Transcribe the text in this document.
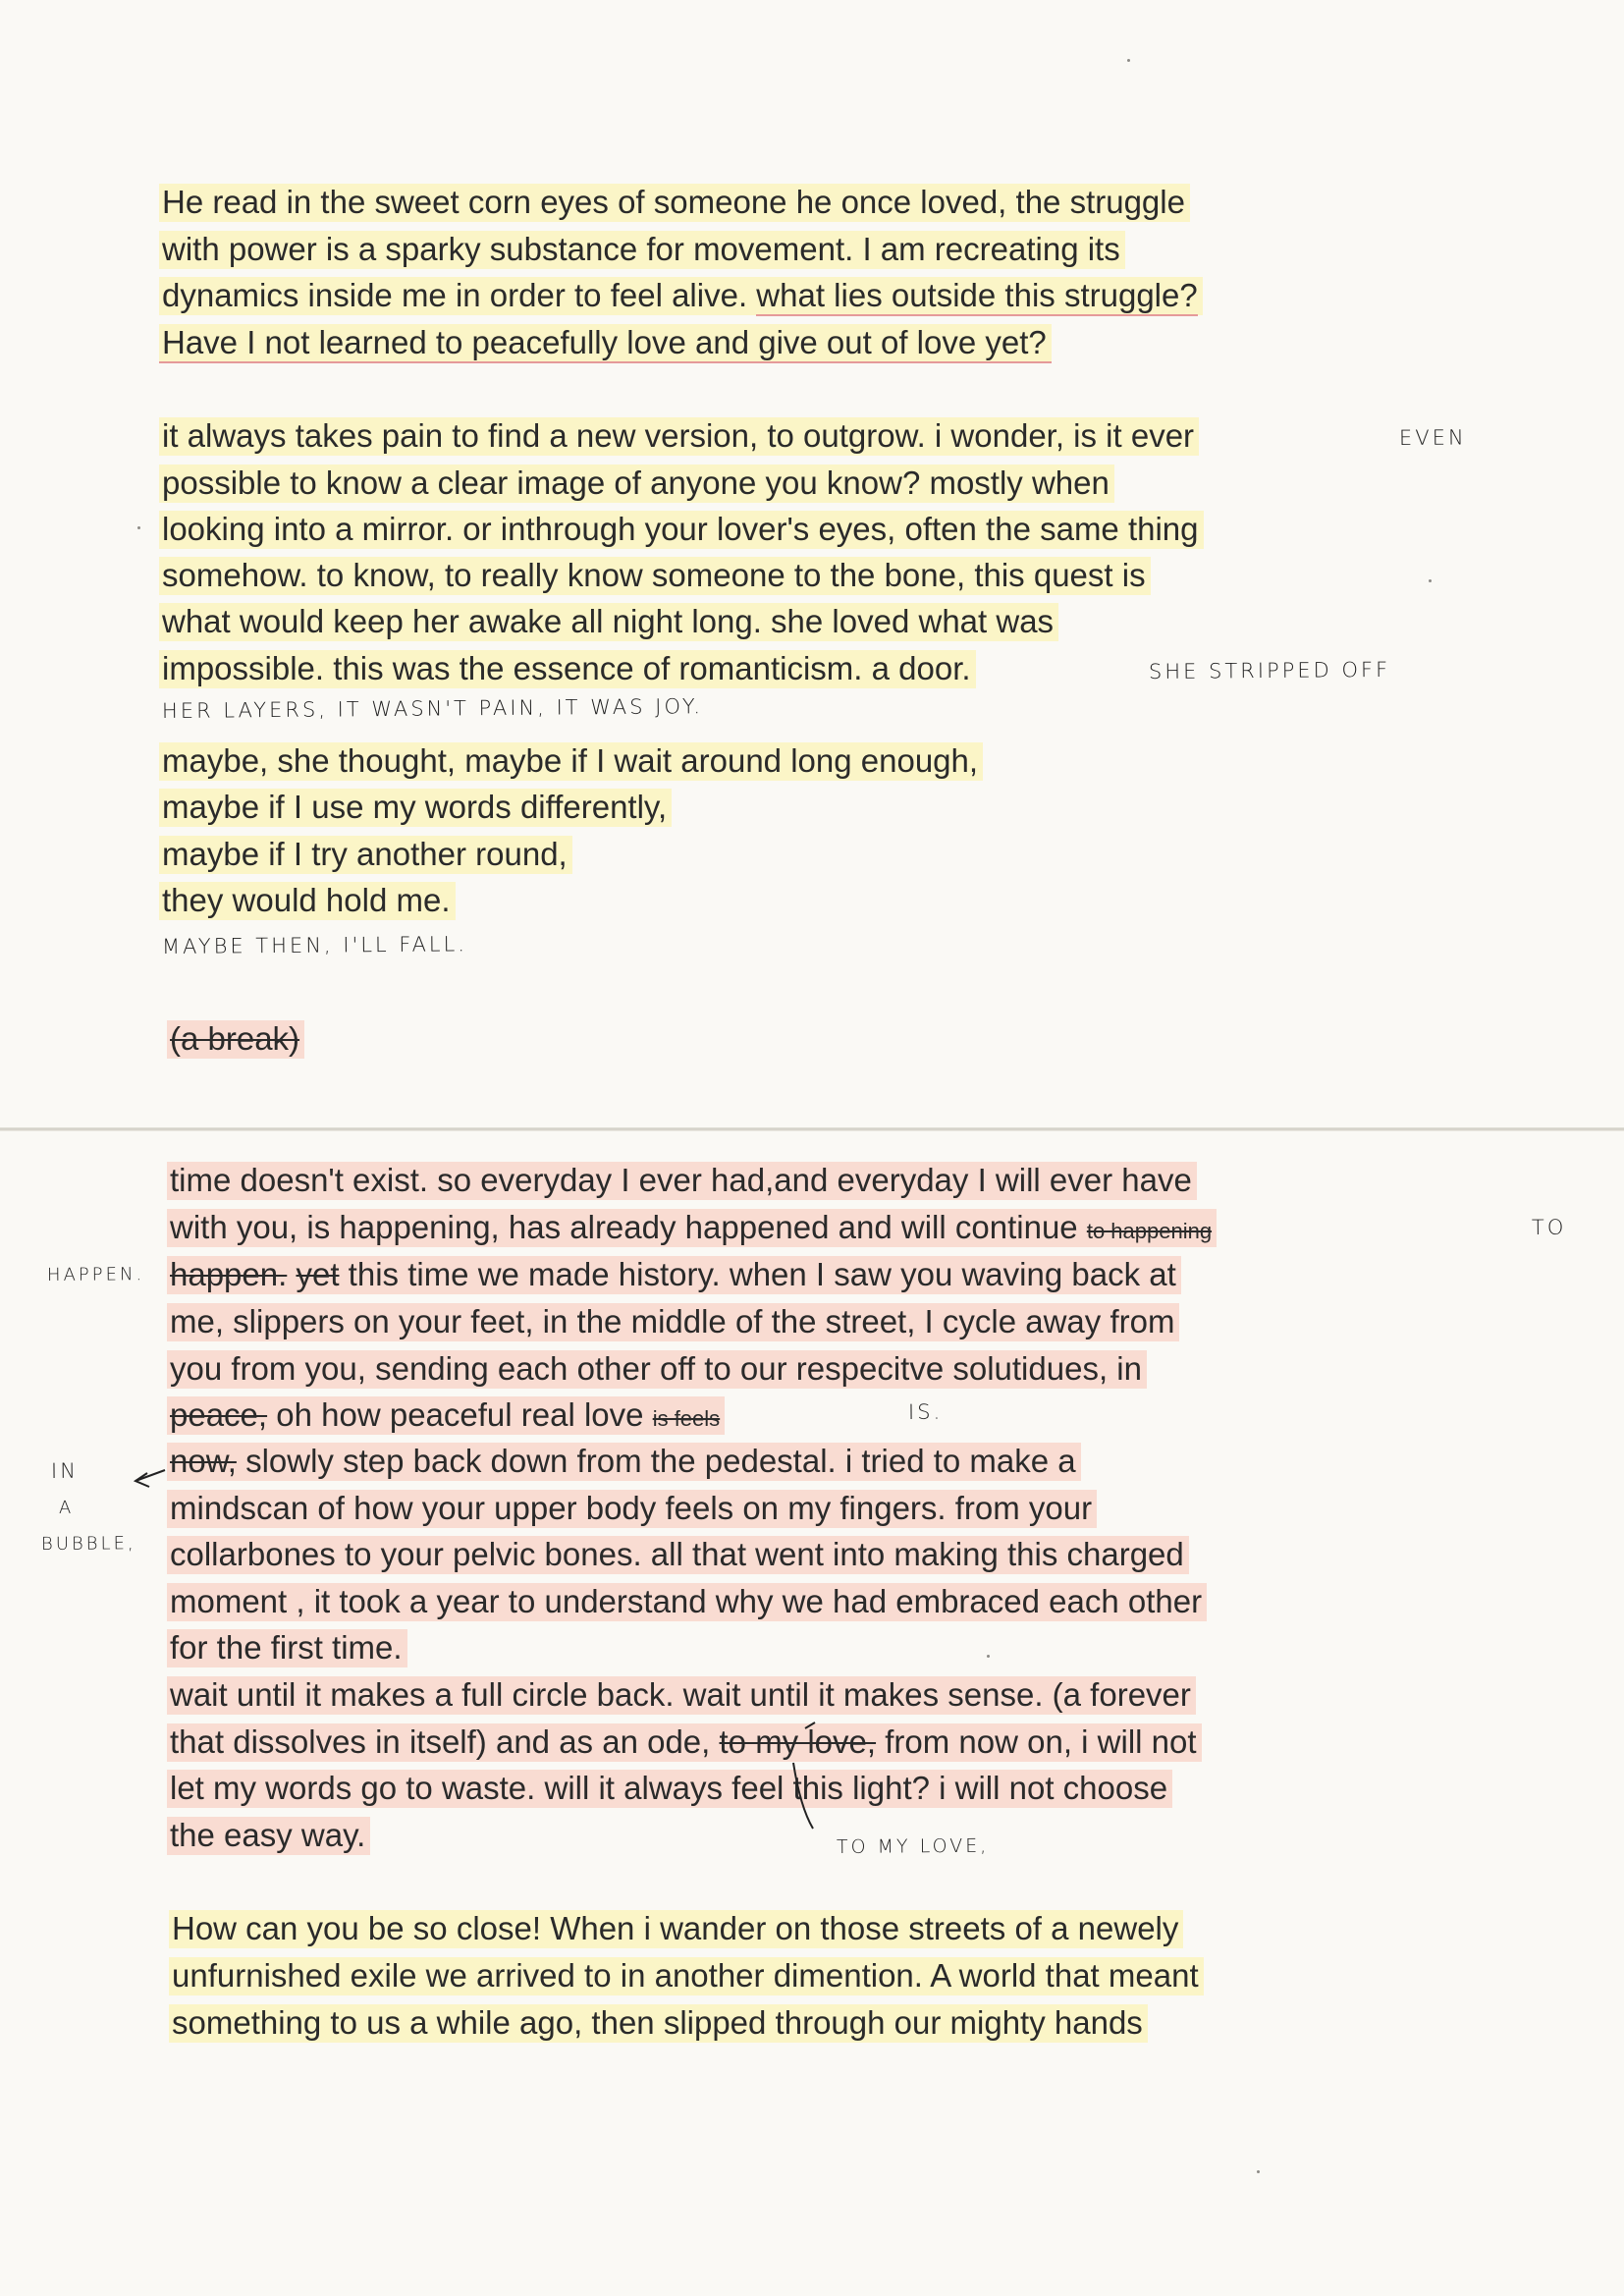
He read in the sweet corn eyes of someone he once loved, the struggle
with power is a sparky substance for movement. I am recreating its
dynamics inside me in order to feel alive. what lies outside this struggle?
Have I not learned to peacefully love and give out of love yet?
it always takes pain to find a new version, to outgrow. i wonder, is it ever
possible to know a clear image of anyone you know? mostly when
looking into a mirror. or inthrough your lover's eyes, often the same thing
somehow. to know, to really know someone to the bone, this quest is
what would keep her awake all night long. she loved what was
impossible. this was the essence of romanticism. a door.
maybe, she thought, maybe if I wait around long enough,
maybe if I use my words differently,
maybe if I try another round,
they would hold me.
(a break)
time doesn't exist. so everyday I ever had,and everyday I will ever have
with you, is happening, has already happened and will continue to happening
happen. yet this time we made history. when I saw you waving back at
me, slippers on your feet, in the middle of the street, I cycle away from
you from you, sending each other off to our respecitve solutidues, in
peace, oh how peaceful real love is feels
now, slowly step back down from the pedestal. i tried to make a
mindscan of how your upper body feels on my fingers. from your
collarbones to your pelvic bones. all that went into making this charged
moment , it took a year to understand why we had embraced each other
for the first time.
wait until it makes a full circle back. wait until it makes sense. (a forever
that dissolves in itself) and as an ode, to my love, from now on, i will not
let my words go to waste. will it always feel this light? i will not choose
the easy way.
How can you be so close! When i wander on those streets of a newely
unfurnished exile we arrived to in another dimention. A world that meant
something to us a while ago, then slipped through our mighty hands
EVEN
SHE STRIPPED OFF
HER LAYERS, IT WASN'T PAIN, IT WAS JOY.
MAYBE THEN, I'LL FALL.
TO
HAPPEN.
IS.
IN
A
BUBBLE,
TO MY LOVE,
